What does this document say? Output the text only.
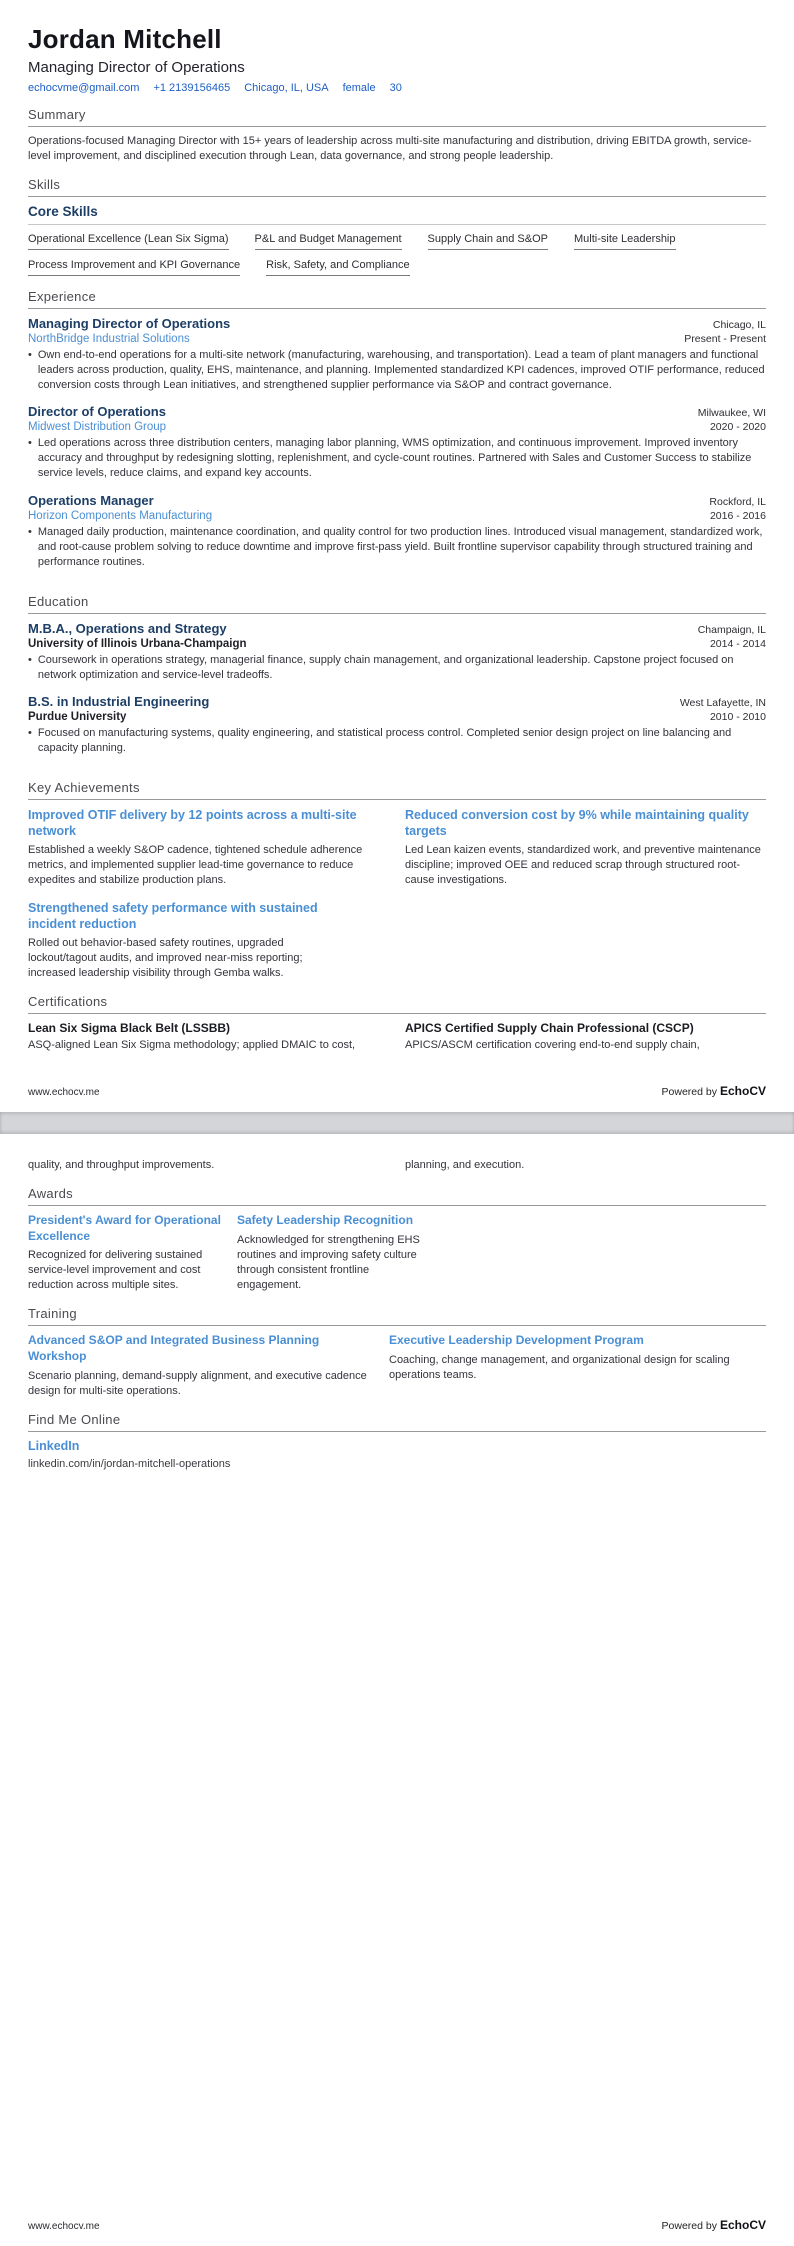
Jordan Mitchell
Managing Director of Operations
echocvme@gmail.com +1 2139156465 Chicago, IL, USA female 30
Summary

Operations-focused Managing Director with 15+ years of leadership across multi-site manufacturing and distribution, driving EBITDA growth, service-level improvement, and disciplined execution through Lean, data governance, and strong people leadership.

Skills
Core Skills
Operational Excellence (Lean Six Sigma) P&L and Budget Management Supply Chain and S&OP Multi-site Leadership
Process Improvement and KPI Governance Risk, Safety, and Compliance
Experience
Managing Director of Operations	Chicago, IL
NorthBridge Industrial Solutions	Present - Present
• Own end-to-end operations for a multi-site network (manufacturing, warehousing, and transportation). Lead a team of plant managers and functional leaders across production, quality, EHS, maintenance, and planning. Implemented standardized KPI cadences, improved OTIF performance, reduced conversion costs through Lean initiatives, and strengthened supplier performance via S&OP and contract governance.
Director of Operations	Milwaukee, WI
Midwest Distribution Group	2020 - 2020
• Led operations across three distribution centers, managing labor planning, WMS optimization, and continuous improvement. Improved inventory accuracy and throughput by redesigning slotting, replenishment, and cycle-count routines. Partnered with Sales and Customer Success to stabilize service levels, reduce claims, and expand key accounts.
Operations Manager	Rockford, IL
Horizon Components Manufacturing	2016 - 2016
• Managed daily production, maintenance coordination, and quality control for two production lines. Introduced visual management, standardized work, and root-cause problem solving to reduce downtime and improve first-pass yield. Built frontline supervisor capability through structured training and performance routines.
Education
M.B.A., Operations and Strategy	Champaign, IL
University of Illinois Urbana-Champaign	2014 - 2014
• Coursework in operations strategy, managerial finance, supply chain management, and organizational leadership. Capstone project focused on network optimization and service-level tradeoffs.
B.S. in Industrial Engineering	West Lafayette, IN
Purdue University	2010 - 2010
• Focused on manufacturing systems, quality engineering, and statistical process control. Completed senior design project on line balancing and capacity planning.
Key Achievements
Improved OTIF delivery by 12 points across a multi-site network
Established a weekly S&OP cadence, tightened schedule adherence metrics, and implemented supplier lead-time governance to reduce expedites and stabilize production plans.
Reduced conversion cost by 9% while maintaining quality targets
Led Lean kaizen events, standardized work, and preventive maintenance discipline; improved OEE and reduced scrap through structured root-cause investigations.
Strengthened safety performance with sustained incident reduction
Rolled out behavior-based safety routines, upgraded lockout/tagout audits, and improved near-miss reporting; increased leadership visibility through Gemba walks.
Certifications
Lean Six Sigma Black Belt (LSSBB)
ASQ-aligned Lean Six Sigma methodology; applied DMAIC to cost,
APICS Certified Supply Chain Professional (CSCP)
APICS/ASCM certification covering end-to-end supply chain,
www.echocv.me	Powered by EchoCV
quality, and throughput improvements.	planning, and execution.
Awards
President's Award for Operational Excellence
Recognized for delivering sustained service-level improvement and cost reduction across multiple sites.
Safety Leadership Recognition
Acknowledged for strengthening EHS routines and improving safety culture through consistent frontline engagement.
Training
Advanced S&OP and Integrated Business Planning Workshop
Scenario planning, demand-supply alignment, and executive cadence design for multi-site operations.
Executive Leadership Development Program
Coaching, change management, and organizational design for scaling operations teams.
Find Me Online
LinkedIn
linkedin.com/in/jordan-mitchell-operations
www.echocv.me	Powered by EchoCV
